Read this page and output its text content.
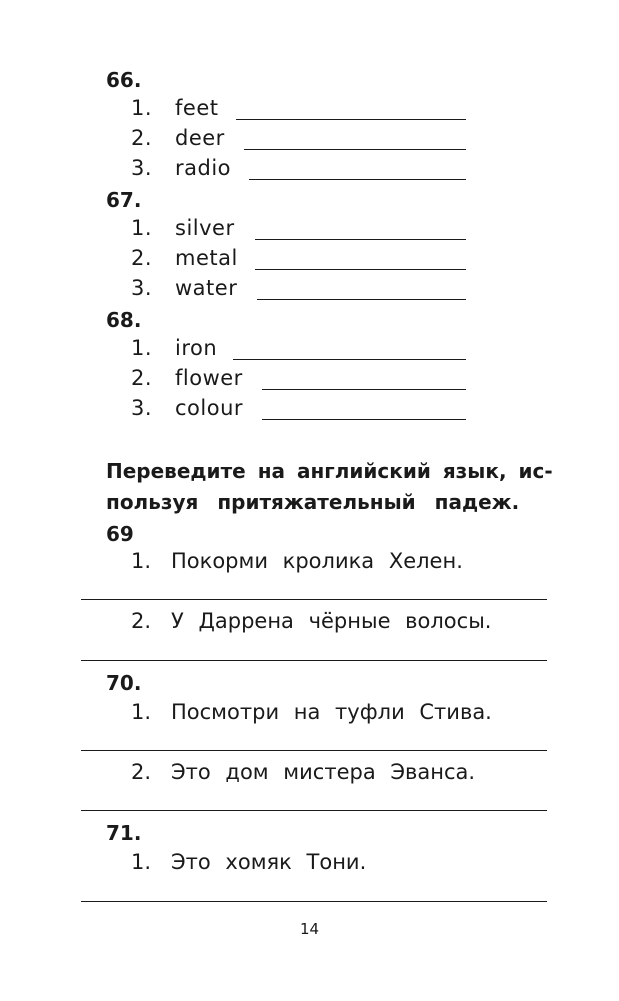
66.
1. feet
2. deer
3. radio
67.
1. silver
2. metal
3. water
68.
1. iron
2. flower
3. colour
Переведите на английский язык, ис-
пользуя притяжательный падеж.
69
1. Покорми кролика Хелен.
2. У Даррена чёрные волосы.
70.
1. Посмотри на туфли Стива.
2. Это дом мистера Эванса.
71.
1. Это хомяк Тони.
14
